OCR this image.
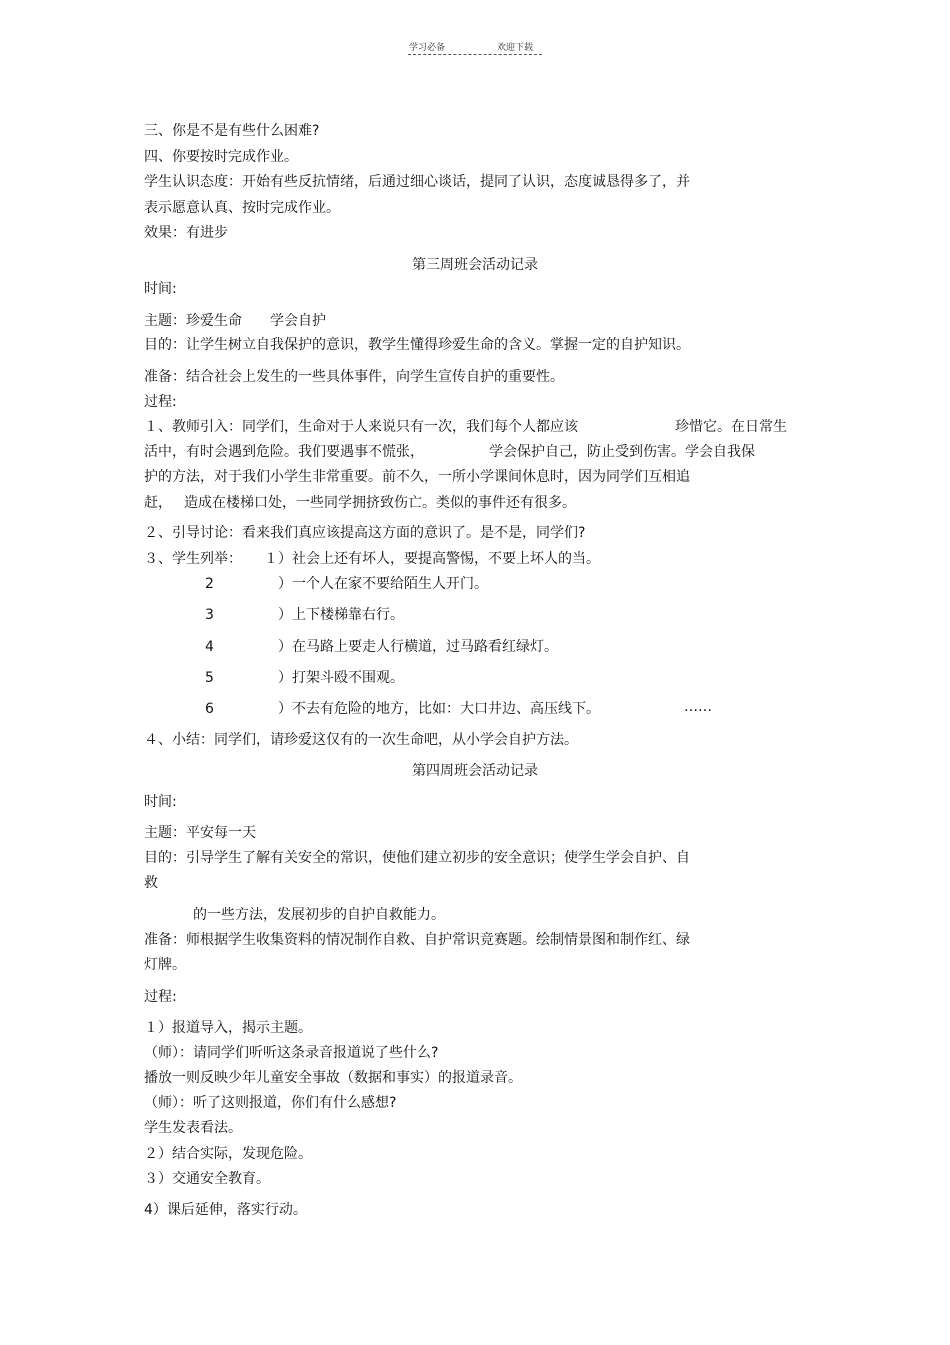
学习必备	欢迎下载
三、你是不是有些什么困难?
四、你要按时完成作业。
学生认识态度：开始有些反抗情绪，后通过细心谈话，提同了认识，态度诚恳得多了，并
表示愿意认真、按时完成作业。
效果：有进步
第三周班会活动记录
时间:
主题：珍爱生命　　学会自护
目的：让学生树立自我保护的意识，教学生懂得珍爱生命的含义。掌握一定的自护知识。
准备：结合社会上发生的一些具体事件，向学生宣传自护的重要性。
过程:
１、教师引入：同学们，生命对于人来说只有一次，我们每个人都应该	珍惜它。在日常生
活中，有时会遇到危险。我们要遇事不慌张，	学会保护自己，防止受到伤害。学会自我保
护的方法，对于我们小学生非常重要。前不久，一所小学课间休息时，因为同学们互相追
赶， 造成在楼梯口处，一些同学拥挤致伤亡。类似的事件还有很多。
２、引导讨论：看来我们真应该提高这方面的意识了。是不是，同学们?
３、学生列举： １ ）社会上还有坏人，要提高警惕，不要上坏人的当。
2	）一个人在家不要给陌生人开门。
3	）上下楼梯靠右行。
4	）在马路上要走人行横道，过马路看红绿灯。
5	）打架斗殴不围观。
6	）不去有危险的地方，比如：大口井边、高压线下。	……
４、小结：同学们，请珍爱这仅有的一次生命吧，从小学会自护方法。
第四周班会活动记录
时间:
主题：平安每一天
目的：引导学生了解有关安全的常识，使他们建立初步的安全意识；使学生学会自护、自
救
的一些方法，发展初步的自护自救能力。
准备：师根据学生收集资料的情况制作自救、自护常识竞赛题。绘制情景图和制作红、绿
灯牌。
过程:
１）报道导入，揭示主题。
（师）：请同学们听听这条录音报道说了些什么?
播放一则反映少年儿童安全事故（数据和事实）的报道录音。
（师）：听了这则报道，你们有什么感想?
学生发表看法。
２）结合实际，发现危险。
３）交通安全教育。
4）课后延伸，落实行动。
